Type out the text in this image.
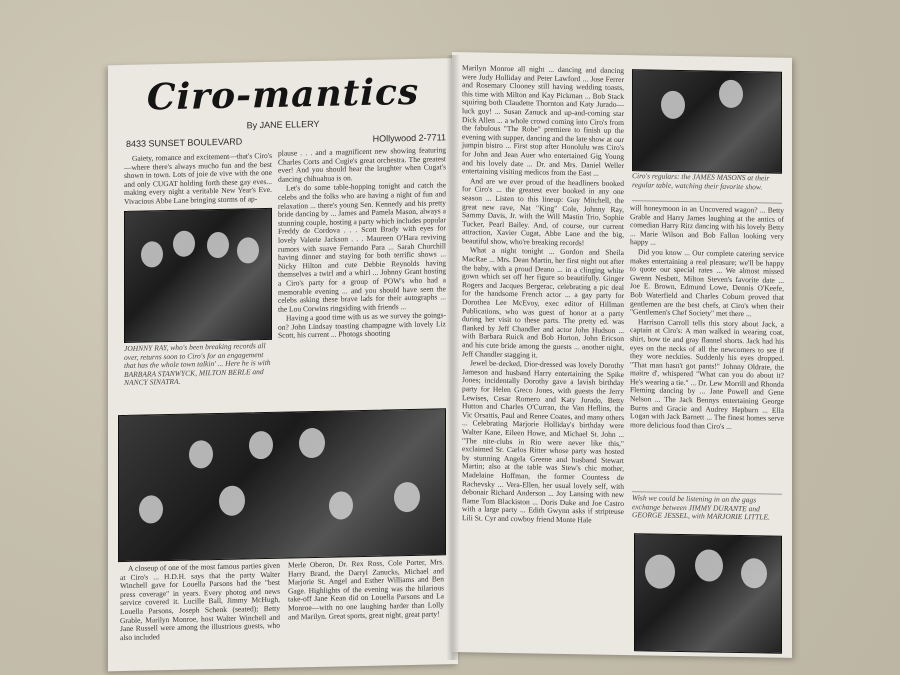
Ciro-mantics
By JANE ELLERY
8433 SUNSET BOULEVARD	HOllywood 2-7711

Gaiety, romance and excitement—that's Ciro's—where there's always mucho fun and the best shown in town. Lots of joie de vive with the one and only CUGAT holding forth these gay eves... making every night a veritable New Year's Eve. Vivacious Abbe Lane bringing storms of ap-

JOHNNY RAY, who's been breaking records all over, returns soon to Ciro's for an engagement that has the whole town talkin' ... Here he is with BARBARA STANWYCK, MILTON BERLE and NANCY SINATRA.

plause . . . and a magnificent new showing featuring Charles Corts and Cugie's great orchestra. The greatest ever! And you should hear the laughter when Cugat's dancing chihuahua is on.

Let's do some table-hopping tonight and catch the celebs and the folks who are having a night of fun and relaxation ... there's young Sen. Kennedy and his pretty bride dancing by ... James and Pamela Mason, always a stunning couple, hosting a party which includes popular Freddy de Cordova . . . Scott Brady with eyes for lovely Valerie Jackson . . . Maureen O'Hara reviving rumors with suave Fernando Para ... Sarah Churchill having dinner and staying for both terrific shows ... Nicky Hilton and cute Debbie Reynolds having themselves a twirl and a whirl ... Johnny Grant hosting a Ciro's party for a group of POW's who had a memorable evening ... and you should have seen the celebs asking these brave lads for their autographs ... the Lou Corwins ringsiding with friends ...

Having a good time with us as we survey the goings-on? John Lindsay toasting champagne with lovely Liz Scott, his current ... Photogs shooting

A closeup of one of the most famous parties given at Ciro's ... H.D.H. says that the party Walter Winchell gave for Louella Parsons had the "best press coverage" in years. Every photog and news service covered it. Lucille Ball, Jimmy McHugh, Louella Parsons, Joseph Schenk (seated); Betty Grable, Marilyn Monroe, host Walter Winchell and Jane Russell were among the illustrious guests, who also included

Merle Oberon, Dr. Rex Ross, Cole Porter, Mrs. Harry Brand, the Darryl Zanucks, Michael and Marjorie St. Angel and Esther Williams and Ben Gage. Highlights of the evening was the hilarious take-off Jane Kean did on Louella Parsons and La Monroe—with no one laughing harder than Lolly and Marilyn. Great sports, great night, great party!

Marilyn Monroe all night ... dancing and dancing were Judy Holliday and Peter Lawford ... Jose Ferrer and Rosemary Clooney still having wedding toasts, this time with Milton and Kay Pickman ... Bob Stack squiring both Claudette Thornton and Katy Jurado—luck guy! ... Susan Zanuck and up-and-coming star Dick Allen ... a whole crowd coming into Ciro's from the fabulous "The Robe" premiere to finish up the evening with supper, dancing and the late show at our jumpin bistro ... First stop after Honolulu was Ciro's for John and Jean Auer who entertained Gig Young and his lovely date ... Dr. and Mrs. Daniel Weller entertaining visiting medicos from the East ...

And are we ever proud of the headliners booked for Ciro's ... the greatest ever booked in any one season ... Listen to this lineup: Guy Mitchell, the great new rave, Nat "King" Cole, Johnny Ray, Sammy Davis, Jr. with the Will Mastin Trio, Sophie Tucker, Pearl Bailey. And, of course, our current attraction, Xavier Cugat, Abbe Lane and the big, beautiful show, who're breaking records!

What a night tonight ... Gordon and Sheila MacRae ... Mrs. Dean Martin, her first night out after the baby, with a proud Deano ... in a clinging white gown which set off her figure so beautifully. Ginger Rogers and Jacques Bergerac, celebrating a pic deal for the handsome French actor ... a gay party for Dorothea Lee McEvoy, exec editor of Hillman Publications, who was guest of honor at a party during her visit to these parts. The pretty ed. was flanked by Jeff Chandler and actor John Hudson ... with Barbara Ruick and Bob Horton, John Ericson and his cute bride among the guests ... another night, Jeff Chandler stagging it.

Jewel be-decked, Dior-dressed was lovely Dorothy Jameson and husband Harry entertaining the Spike Jones; incidentally Dorothy gave a lavish birthday party for Helen Greco Jones, with guests the Jerry Lewises, Cesar Romero and Katy Jurado, Betty Hutton and Charles O'Curran, the Van Heflins, the Vic Orsattis, Paul and Renee Coates, and many others ... Celebrating Marjorie Holliday's birthday were Walter Kane, Eileen Howe, and Michael St. John ... "The nite-clubs in Rio were never like this," exclaimed Sr. Carlos Ritter whose party was hosted by stunning Angela Greene and husband Stewart Martin; also at the table was Stew's chic mother, Madelaine Hoffman, the former Countess de Rachevsky ... Vera-Ellen, her usual lovely self, with debonair Richard Anderson ... Joy Lansing with new flame Tom Blackiston ... Doris Duke and Joe Castro with a large party ... Edith Gwynn asks if stripteuse Lili St. Cyr and cowboy friend Monte Hale

Ciro's regulars: the JAMES MASONS at their regular table, watching their favorite show.

will honeymoon in an Uncovered wagon? ... Betty Grable and Harry James laughing at the antics of comedian Harry Ritz dancing with his lovely Betty ... Marie Wilson and Bob Fallon looking very happy ...

Did you know ... Our complete catering service makes entertaining a real pleasure; we'll be happy to quote our special rates ... We almost missed Gwenn Nesbett, Milton Steven's favorite date ... Joe E. Brown, Edmund Lowe, Dennis O'Keefe, Bob Waterfield and Charles Coburn proved that gentlemen are the best chefs, at Ciro's when their "Gentlemen's Chef Society" met there ...

Harrison Carroll tells this story about Jack, a captain at Ciro's: A man walked in wearing coat, shirt, bow tie and gray flannel shorts. Jack had his eyes on the necks of all the newcomers to see if they wore neckties. Suddenly his eyes dropped. "That man hasn't got pants!" Johnny Oldrate, the maitre d', whispered "What can you do about it? He's wearing a tie." ... Dr. Lew Morrill and Rhonda Fleming dancing by ... Jane Powell and Gene Nelson ... The Jack Bennys entertaining George Burns and Gracie and Audrey Hepburn ... Ella Logan with Jack Barnett ... The finest homes serve more delicious food than Ciro's ...

Wish we could be listening in on the gags exchange between JIMMY DURANTE and GEORGE JESSEL, with MARJORIE LITTLE.
